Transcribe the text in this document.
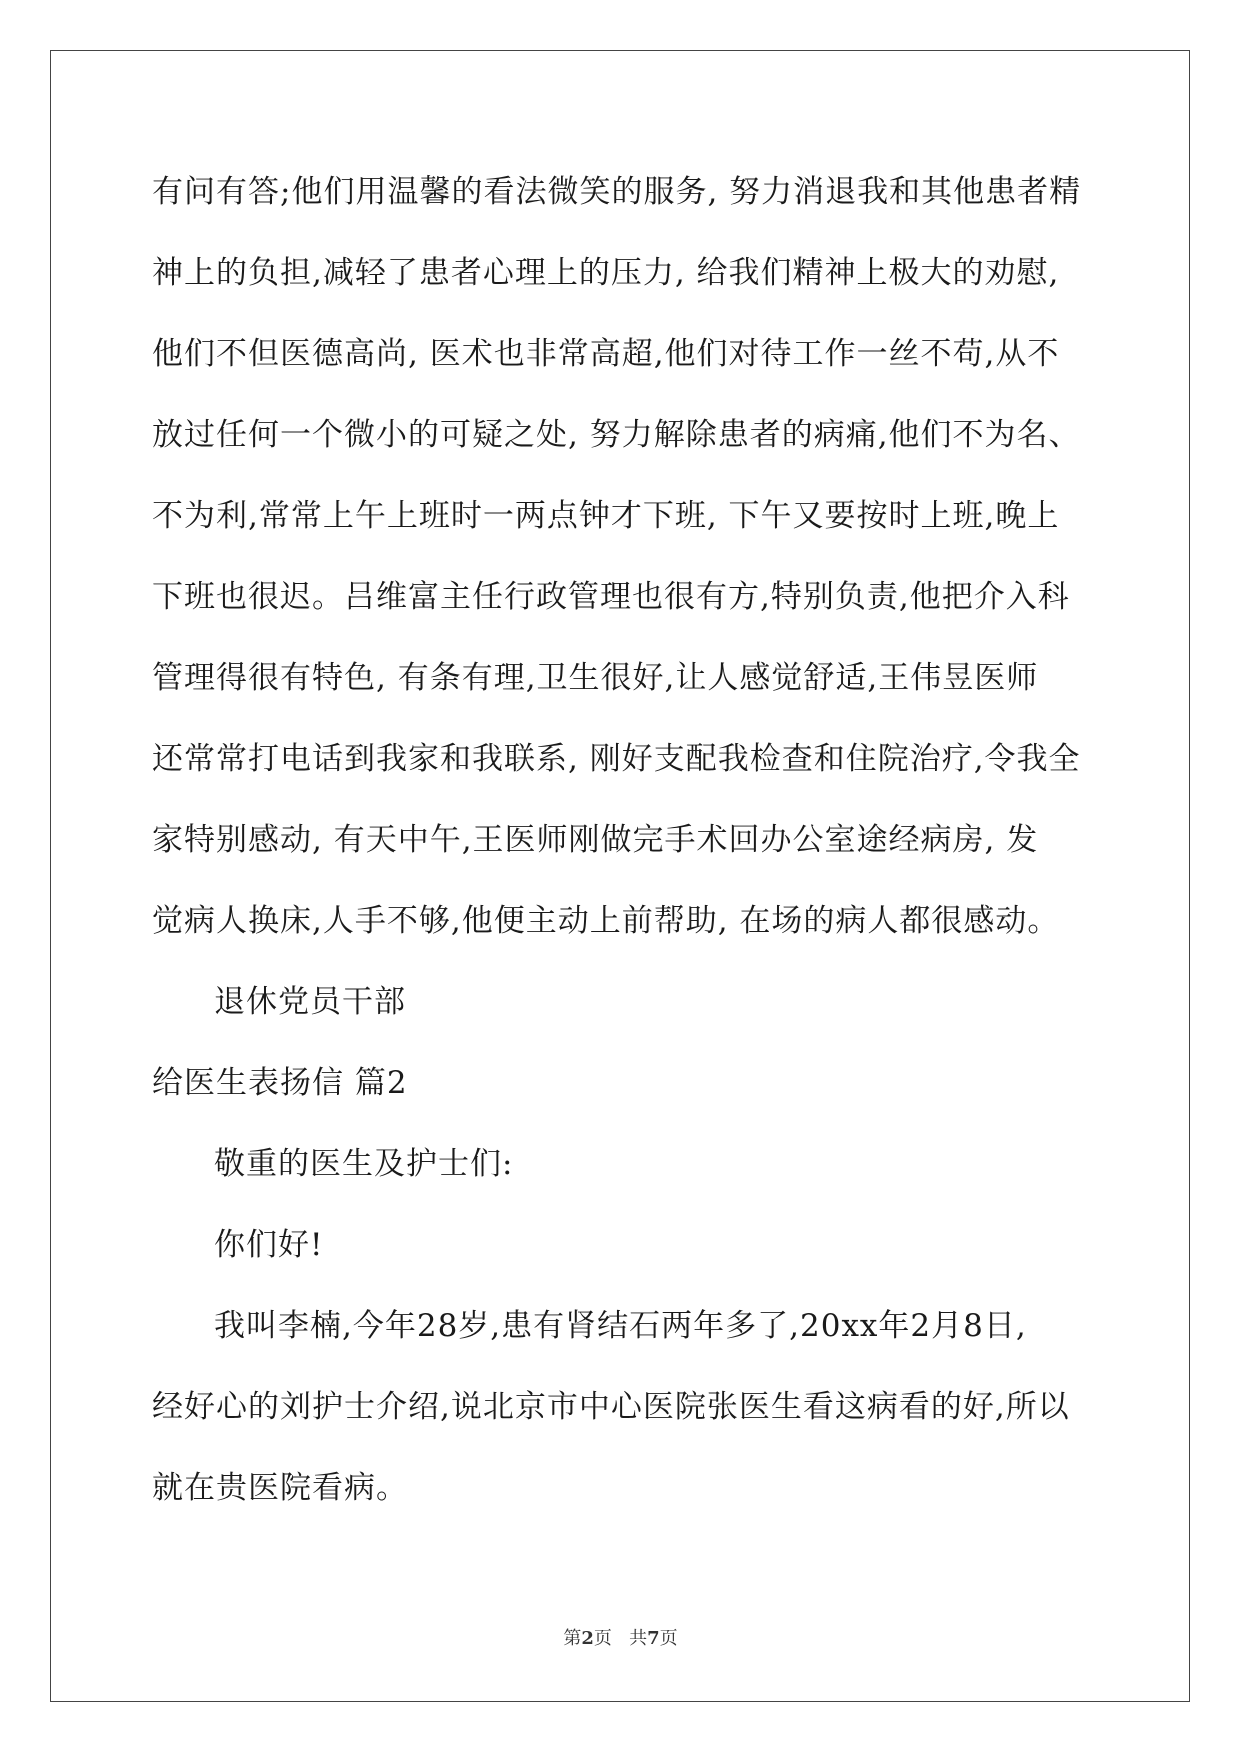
有问有答;他们用温馨的看法微笑的服务, 努力消退我和其他患者精
神上的负担,减轻了患者心理上的压力, 给我们精神上极大的劝慰,
他们不但医德高尚, 医术也非常高超,他们对待工作一丝不苟,从不
放过任何一个微小的可疑之处, 努力解除患者的病痛,他们不为名、
不为利,常常上午上班时一两点钟才下班, 下午又要按时上班,晚上
下班也很迟。吕维富主任行政管理也很有方,特别负责,他把介入科
管理得很有特色, 有条有理,卫生很好,让人感觉舒适,王伟昱医师
还常常打电话到我家和我联系, 刚好支配我检查和住院治疗,令我全
家特别感动, 有天中午,王医师刚做完手术回办公室途经病房, 发
觉病人换床,人手不够,他便主动上前帮助, 在场的病人都很感动。
退休党员干部
给医生表扬信 篇2
敬重的医生及护士们:
你们好!
我叫李楠,今年28岁,患有肾结石两年多了,20xx年2月8日,
经好心的刘护士介绍,说北京市中心医院张医生看这病看的好,所以
就在贵医院看病。
第2页 共7页
